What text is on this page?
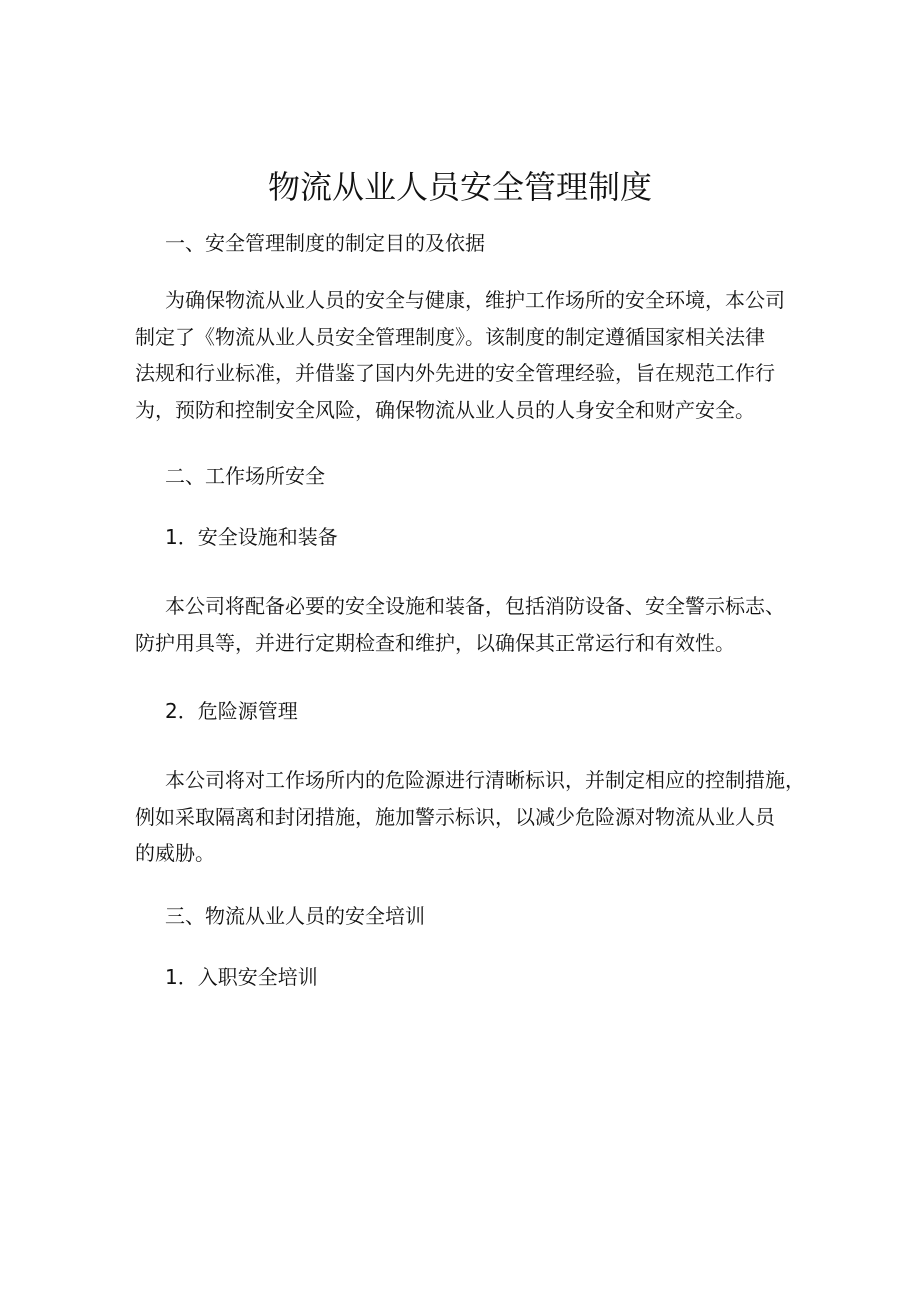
物流从业人员安全管理制度

一、安全管理制度的制定目的及依据

为确保物流从业人员的安全与健康，维护工作场所的安全环境，本公司
制定了《物流从业人员安全管理制度》。该制度的制定遵循国家相关法律
法规和行业标准，并借鉴了国内外先进的安全管理经验，旨在规范工作行
为，预防和控制安全风险，确保物流从业人员的人身安全和财产安全。

二、工作场所安全

1．安全设施和装备

本公司将配备必要的安全设施和装备，包括消防设备、安全警示标志、
防护用具等，并进行定期检查和维护，以确保其正常运行和有效性。

2．危险源管理

本公司将对工作场所内的危险源进行清晰标识，并制定相应的控制措施，
例如采取隔离和封闭措施，施加警示标识，以减少危险源对物流从业人员
的威胁。

三、物流从业人员的安全培训

1．入职安全培训
